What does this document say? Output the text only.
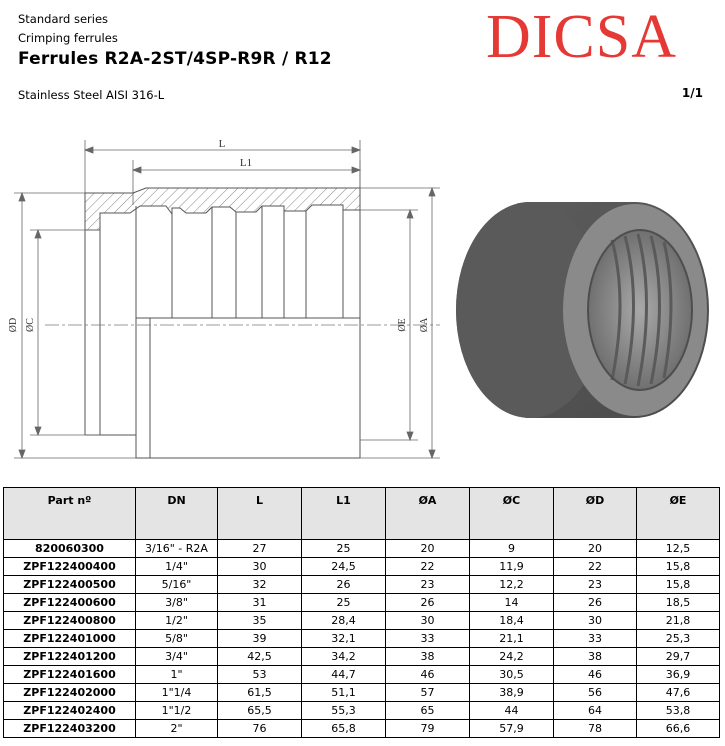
Standard series
Crimping ferrules
Ferrules R2A-2ST/4SP-R9R / R12
Stainless Steel AISI 316-L	1/1
DICSA
L
L1
ØD ØC	ØE ØA
Part nº	DN	L	L1	ØA	ØC	ØD	ØE
820060300	3/16" - R2A	27	25	20	9	20	12,5
ZPF122400400	1/4"	30	24,5	22	11,9	22	15,8
ZPF122400500	5/16"	32	26	23	12,2	23	15,8
ZPF122400600	3/8"	31	25	26	14	26	18,5
ZPF122400800	1/2"	35	28,4	30	18,4	30	21,8
ZPF122401000	5/8"	39	32,1	33	21,1	33	25,3
ZPF122401200	3/4"	42,5	34,2	38	24,2	38	29,7
ZPF122401600	1"	53	44,7	46	30,5	46	36,9
ZPF122402000	1"1/4	61,5	51,1	57	38,9	56	47,6
ZPF122402400	1"1/2	65,5	55,3	65	44	64	53,8
ZPF122403200	2"	76	65,8	79	57,9	78	66,6
